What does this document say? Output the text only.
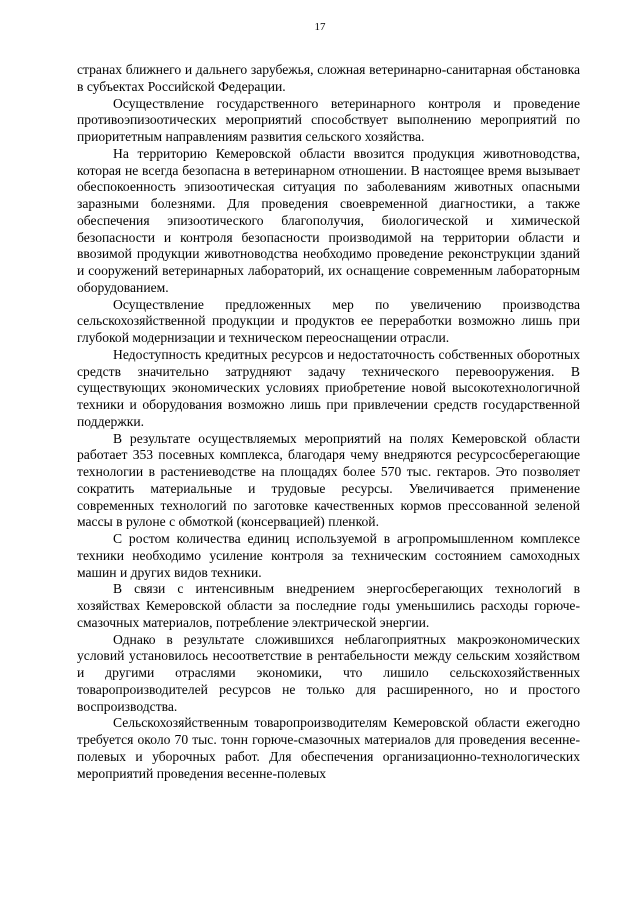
17

странах ближнего и дальнего зарубежья, сложная ветеринарно-санитарная обстановка в субъектах Российской Федерации.

Осуществление государственного ветеринарного контроля и проведение противоэпизоотических мероприятий способствует выполнению мероприятий по приоритетным направлениям развития сельского хозяйства.

На территорию Кемеровской области ввозится продукция животноводства, которая не всегда безопасна в ветеринарном отношении. В настоящее время вызывает обеспокоенность эпизоотическая ситуация по заболеваниям животных опасными заразными болезнями. Для проведения своевременной диагностики, а также обеспечения эпизоотического благополучия, биологической и химической безопасности и контроля безопасности производимой на территории области и ввозимой продукции животноводства необходимо проведение реконструкции зданий и сооружений ветеринарных лабораторий, их оснащение современным лабораторным оборудованием.

Осуществление предложенных мер по увеличению производства сельскохозяйственной продукции и продуктов ее переработки возможно лишь при глубокой модернизации и техническом переоснащении отрасли.

Недоступность кредитных ресурсов и недостаточность собственных оборотных средств значительно затрудняют задачу технического перевооружения. В существующих экономических условиях приобретение новой высокотехнологичной техники и оборудования возможно лишь при привлечении средств государственной поддержки.

В результате осуществляемых мероприятий на полях Кемеровской области работает 353 посевных комплекса, благодаря чему внедряются ресурсосберегающие технологии в растениеводстве на площадях более 570 тыс. гектаров. Это позволяет сократить материальные и трудовые ресурсы. Увеличивается применение современных технологий по заготовке качественных кормов прессованной зеленой массы в рулоне с обмоткой (консервацией) пленкой.

С ростом количества единиц используемой в агропромышленном комплексе техники необходимо усиление контроля за техническим состоянием самоходных машин и других видов техники.

В связи с интенсивным внедрением энергосберегающих технологий в хозяйствах Кемеровской области за последние годы уменьшились расходы горюче-смазочных материалов, потребление электрической энергии.

Однако в результате сложившихся неблагоприятных макроэкономических условий установилось несоответствие в рентабельности между сельским хозяйством и другими отраслями экономики, что лишило сельскохозяйственных товаропроизводителей ресурсов не только для расширенного, но и простого воспроизводства.

Сельскохозяйственным товаропроизводителям Кемеровской области ежегодно требуется около 70 тыс. тонн горюче-смазочных материалов для проведения весенне-полевых и уборочных работ. Для обеспечения организационно-технологических мероприятий проведения весенне-полевых
